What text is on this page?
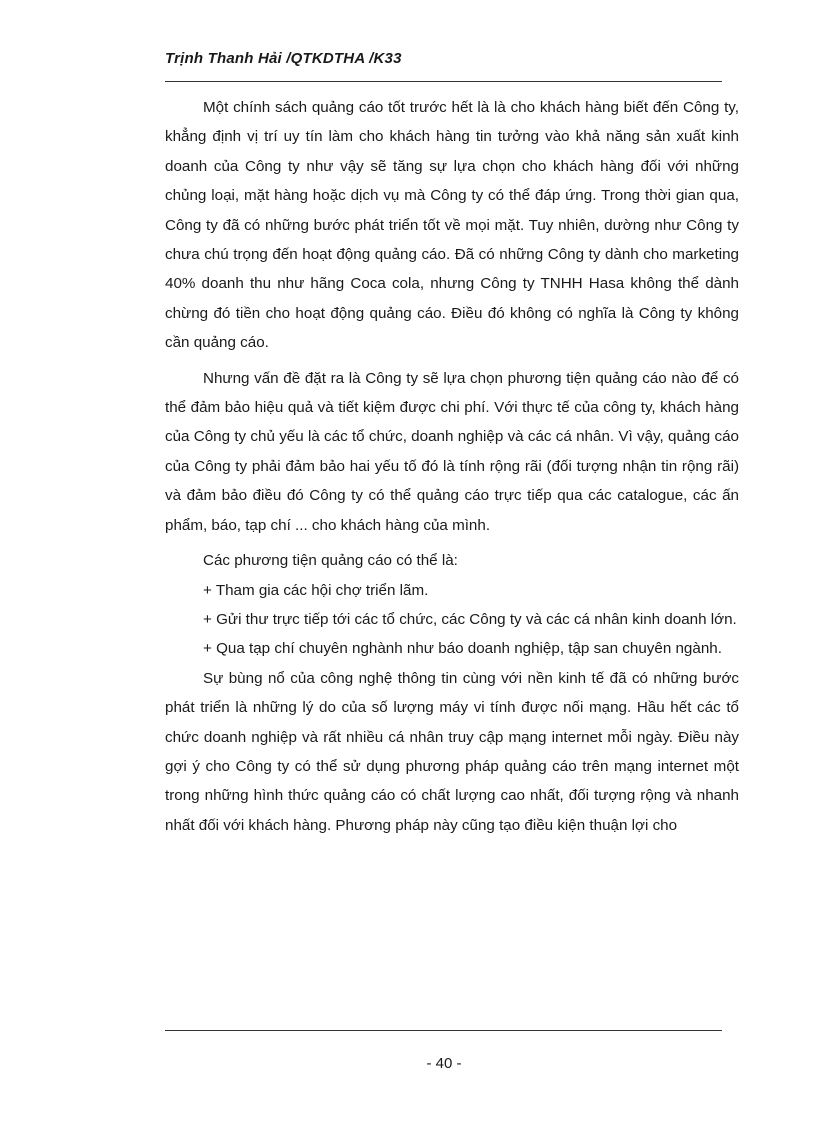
Trịnh Thanh Hải /QTKDTHA /K33

Một chính sách quảng cáo tốt trước hết là là cho khách hàng biết đến Công ty, khẳng định vị trí uy tín làm cho khách hàng tin tưởng vào khả năng sản xuất kinh doanh của Công ty như vậy sẽ tăng sự lựa chọn cho khách hàng đối với những chủng loại, mặt hàng hoặc dịch vụ mà Công ty có thể đáp ứng. Trong thời gian qua, Công ty đã có những bước phát triển tốt về mọi mặt. Tuy nhiên, dường như Công ty chưa chú trọng đến hoạt động quảng cáo. Đã có những Công ty dành cho marketing 40% doanh thu như hãng Coca cola, nhưng Công ty TNHH Hasa không thể dành chừng đó tiền cho hoạt động quảng cáo. Điều đó không có nghĩa là Công ty không cần quảng cáo.

Nhưng vấn đề đặt ra là Công ty sẽ lựa chọn phương tiện quảng cáo nào để có thể đảm bảo hiệu quả và tiết kiệm được chi phí. Với thực tế của công ty, khách hàng của Công ty chủ yếu là các tổ chức, doanh nghiệp và các cá nhân. Vì vậy, quảng cáo của Công ty phải đảm bảo hai yếu tố đó là tính rộng rãi (đối tượng nhận tin rộng rãi) và đảm bảo điều đó Công ty có thể quảng cáo trực tiếp qua các catalogue, các ấn phẩm, báo, tạp chí ... cho khách hàng của mình.

Các phương tiện quảng cáo có thể là:

+ Tham gia các hội chợ triển lãm.

+ Gửi thư trực tiếp tới các tổ chức, các Công ty và các cá nhân kinh doanh lớn.

+ Qua tạp chí chuyên nghành như báo doanh nghiệp, tập san chuyên ngành.

Sự bùng nổ của công nghệ thông tin cùng với nền kinh tế đã có những bước phát triển là những lý do của số lượng máy vi tính được nối mạng. Hầu hết các tổ chức doanh nghiệp và rất nhiều cá nhân truy cập mạng internet mỗi ngày. Điều này gợi ý cho Công ty có thể sử dụng phương pháp quảng cáo trên mạng internet một trong những hình thức quảng cáo có chất lượng cao nhất, đối tượng rộng và nhanh nhất đối với khách hàng. Phương pháp này cũng tạo điều kiện thuận lợi cho

- 40 -
